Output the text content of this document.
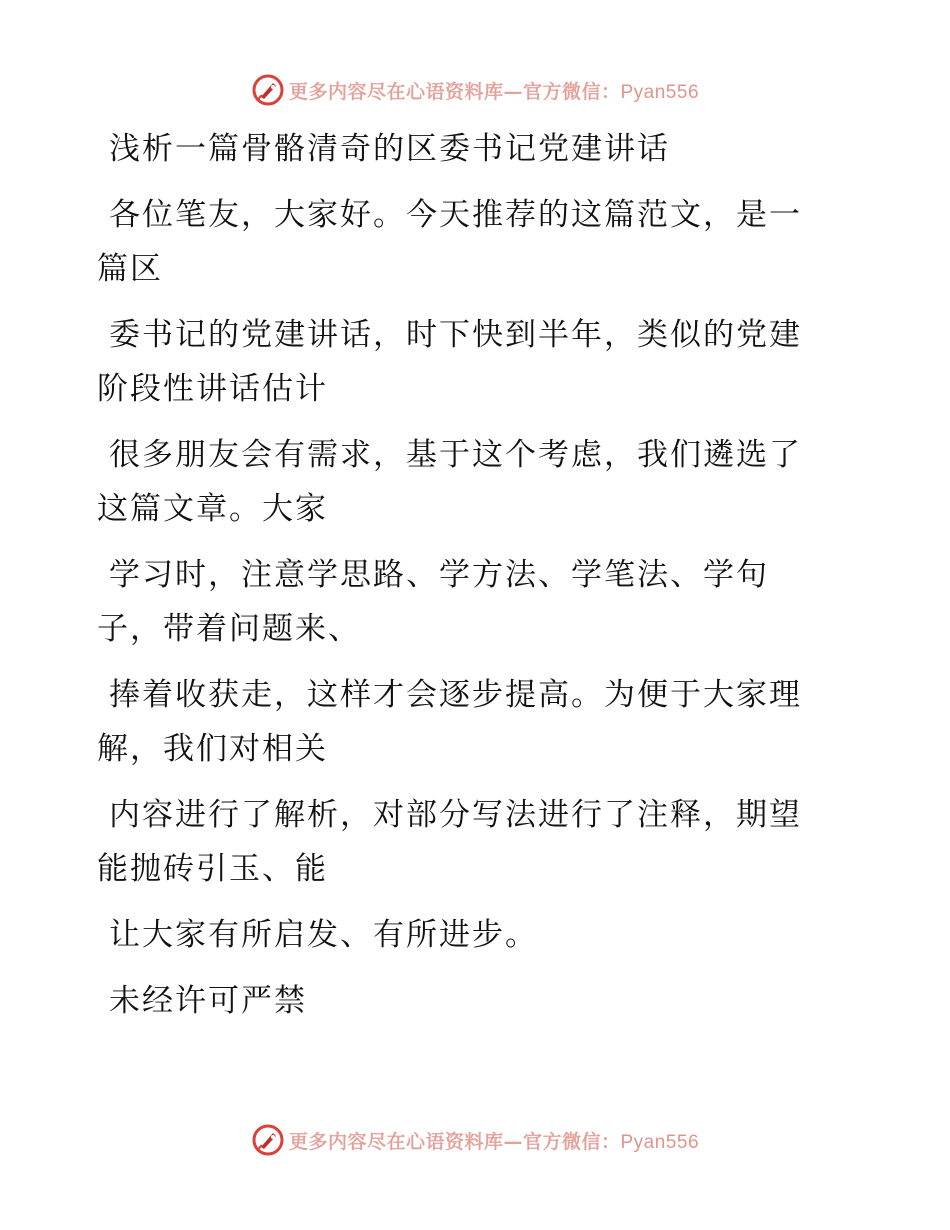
更多内容尽在心语资料库—官方微信：Pyan556
浅析一篇骨骼清奇的区委书记党建讲话
各位笔友，大家好。今天推荐的这篇范文，是一
篇区
委书记的党建讲话，时下快到半年，类似的党建
阶段性讲话估计
很多朋友会有需求，基于这个考虑，我们遴选了
这篇文章。大家
学习时，注意学思路、学方法、学笔法、学句
子，带着问题来、
捧着收获走，这样才会逐步提高。为便于大家理
解，我们对相关
内容进行了解析，对部分写法进行了注释，期望
能抛砖引玉、能
让大家有所启发、有所进步。
未经许可严禁
更多内容尽在心语资料库—官方微信：Pyan556
